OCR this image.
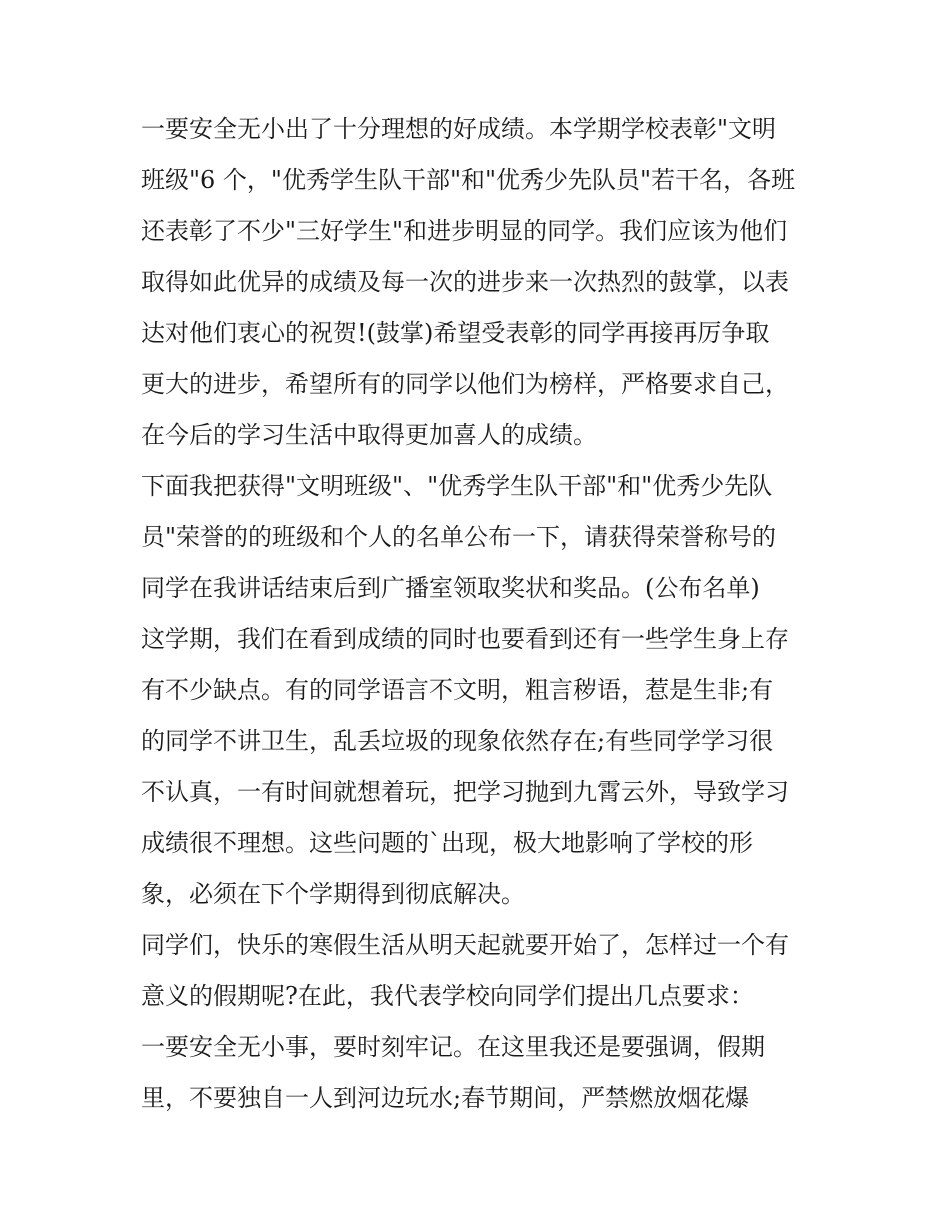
一要安全无小出了十分理想的好成绩。本学期学校表彰"文明
班级"6 个，"优秀学生队干部"和"优秀少先队员"若干名，各班
还表彰了不少"三好学生"和进步明显的同学。我们应该为他们
取得如此优异的成绩及每一次的进步来一次热烈的鼓掌，以表
达对他们衷心的祝贺!(鼓掌)希望受表彰的同学再接再厉争取
更大的进步，希望所有的同学以他们为榜样，严格要求自己，
在今后的学习生活中取得更加喜人的成绩。
下面我把获得"文明班级"、"优秀学生队干部"和"优秀少先队
员"荣誉的的班级和个人的名单公布一下，请获得荣誉称号的
同学在我讲话结束后到广播室领取奖状和奖品。(公布名单)
这学期，我们在看到成绩的同时也要看到还有一些学生身上存
有不少缺点。有的同学语言不文明，粗言秽语，惹是生非;有
的同学不讲卫生，乱丢垃圾的现象依然存在;有些同学学习很
不认真，一有时间就想着玩，把学习抛到九霄云外，导致学习
成绩很不理想。这些问题的`出现，极大地影响了学校的形
象，必须在下个学期得到彻底解决。
同学们，快乐的寒假生活从明天起就要开始了，怎样过一个有
意义的假期呢?在此，我代表学校向同学们提出几点要求：
一要安全无小事，要时刻牢记。在这里我还是要强调，假期
里，不要独自一人到河边玩水;春节期间，严禁燃放烟花爆
